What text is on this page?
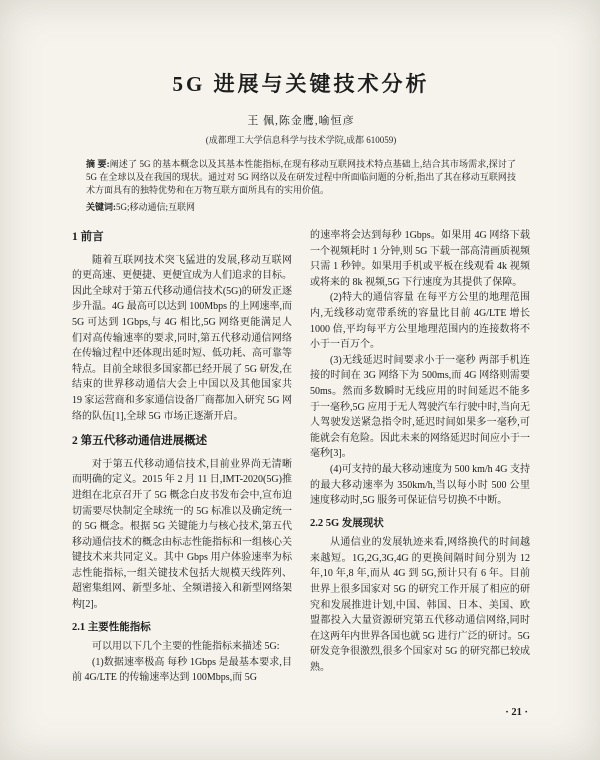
5G 进展与关键技术分析
王 佩,陈金鹰,喻恒彦
(成都理工大学信息科学与技术学院,成都 610059)
摘 要:阐述了 5G 的基本概念以及其基本性能指标,在现有移动互联网技术特点基础上,结合其市场需求,探讨了 5G 在全球以及在我国的现状。通过对 5G 网络以及在研发过程中所面临问题的分析,指出了其在移动互联网技术方面具有的独特优势和在万物互联方面所具有的实用价值。
关键词:5G;移动通信;互联网
1 前言

随着互联网技术突飞猛进的发展,移动互联网的更高速、更便捷、更便宜成为人们追求的目标。因此全球对于第五代移动通信技术(5G)的研发正逐步升温。4G 最高可以达到 100Mbps 的上网速率,而 5G 可达到 1Gbps,与 4G 相比,5G 网络更能满足人们对高传输速率的要求,同时,第五代移动通信网络在传输过程中还体现出延时短、低功耗、高可靠等特点。目前全球很多国家都已经开展了 5G 研发,在结束的世界移动通信大会上中国以及其他国家共 19 家运营商和多家通信设备厂商都加入研究 5G 网络的队伍[1],全球 5G 市场正逐渐开启。

2 第五代移动通信进展概述

对于第五代移动通信技术,目前业界尚无清晰而明确的定义。2015 年 2 月 11 日,IMT-2020(5G)推进组在北京召开了 5G 概念白皮书发布会中,宣布迫切需要尽快制定全球统一的 5G 标准以及确定统一的 5G 概念。根据 5G 关键能力与核心技术,第五代移动通信技术的概念由标志性能指标和一组核心关键技术来共同定义。其中 Gbps 用户体验速率为标志性能指标,一组关键技术包括大规模天线阵列、超密集组网、新型多址、全频谱接入和新型网络架构[2]。

2.1 主要性能指标

可以用以下几个主要的性能指标来描述 5G:

(1)数据速率极高 每秒 1Gbps 是最基本要求,目前 4G/LTE 的传输速率达到 100Mbps,而 5G

的速率将会达到每秒 1Gbps。如果用 4G 网络下载一个视频耗时 1 分钟,则 5G 下载一部高清画质视频只需 1 秒钟。如果用手机或平板在线观看 4k 视频或将来的 8k 视频,5G 下行速度为其提供了保障。

(2)特大的通信容量 在每平方公里的地理范围内,无线移动宽带系统的容量比目前 4G/LTE 增长 1000 倍,平均每平方公里地理范围内的连接数将不小于一百万个。

(3)无线延迟时间要求小于一毫秒 两部手机连接的时间在 3G 网络下为 500ms,而 4G 网络则需要 50ms。然而多数瞬时无线应用的时间延迟不能多于一毫秒,5G 应用于无人驾驶汽车行驶中时,当向无人驾驶发送紧急指令时,延迟时间如果多一毫秒,可能就会有危险。因此未来的网络延迟时间应小于一毫秒[3]。

(4)可支持的最大移动速度为 500 km/h 4G 支持的最大移动速率为 350km/h,当以每小时 500 公里速度移动时,5G 服务可保证信号切换不中断。

2.2 5G 发展现状

从通信业的发展轨迹来看,网络换代的时间越来越短。1G,2G,3G,4G 的更换间隔时间分别为 12 年,10 年,8 年,而从 4G 到 5G,预计只有 6 年。目前世界上很多国家对 5G 的研究工作开展了相应的研究和发展推进计划,中国、韩国、日本、美国、欧盟都投入大量资源研究第五代移动通信网络,同时在这两年内世界各国也就 5G 进行广泛的研讨。5G 研发竞争很激烈,很多个国家对 5G 的研究都已较成熟。

· 21 ·
